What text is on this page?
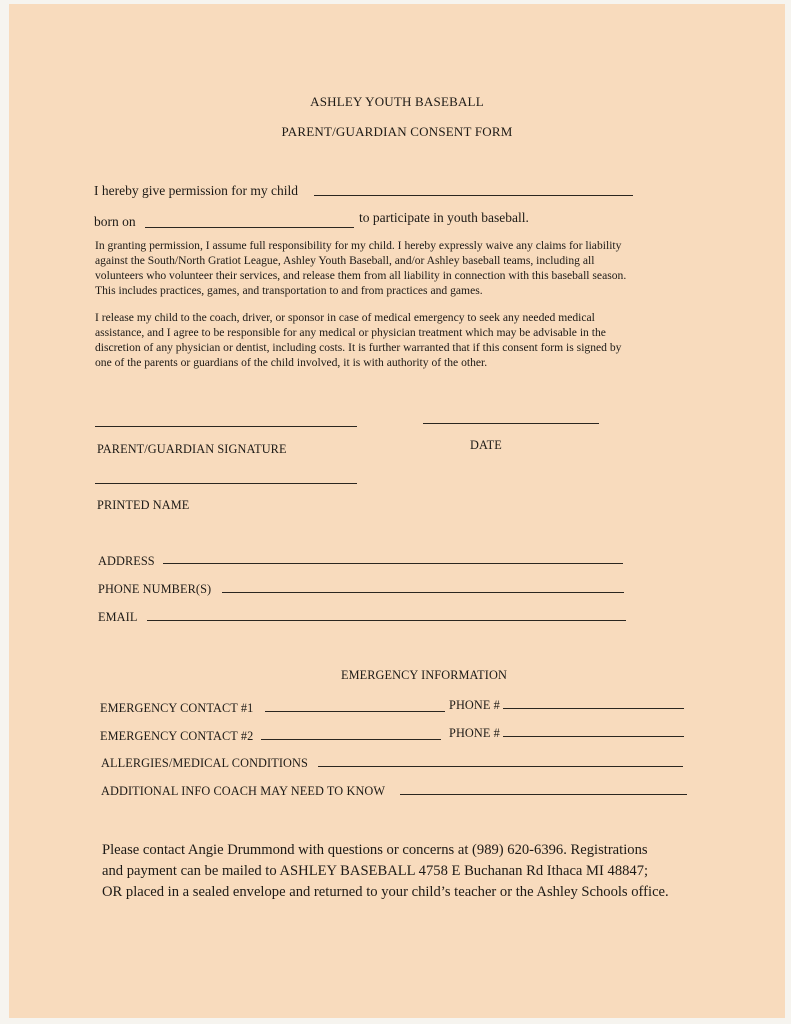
ASHLEY YOUTH BASEBALL
PARENT/GUARDIAN CONSENT FORM
I hereby give permission for my child
born on	to participate in youth baseball.

In granting permission, I assume full responsibility for my child. I hereby expressly waive any claims for liability

against the South/North Gratiot League, Ashley Youth Baseball, and/or Ashley baseball teams, including all

volunteers who volunteer their services, and release them from all liability in connection with this baseball season.

This includes practices, games, and transportation to and from practices and games.

I release my child to the coach, driver, or sponsor in case of medical emergency to seek any needed medical

assistance, and I agree to be responsible for any medical or physician treatment which may be advisable in the

discretion of any physician or dentist, including costs. It is further warranted that if this consent form is signed by

one of the parents or guardians of the child involved, it is with authority of the other.

PARENT/GUARDIAN SIGNATURE	DATE
PRINTED NAME
ADDRESS
PHONE NUMBER(S)
EMAIL
EMERGENCY INFORMATION
EMERGENCY CONTACT #1	PHONE #
EMERGENCY CONTACT #2	PHONE #
ALLERGIES/MEDICAL CONDITIONS
ADDITIONAL INFO COACH MAY NEED TO KNOW

Please contact Angie Drummond with questions or concerns at (989) 620-6396. Registrations

and payment can be mailed to ASHLEY BASEBALL 4758 E Buchanan Rd Ithaca MI 48847;

OR placed in a sealed envelope and returned to your child’s teacher or the Ashley Schools office.
